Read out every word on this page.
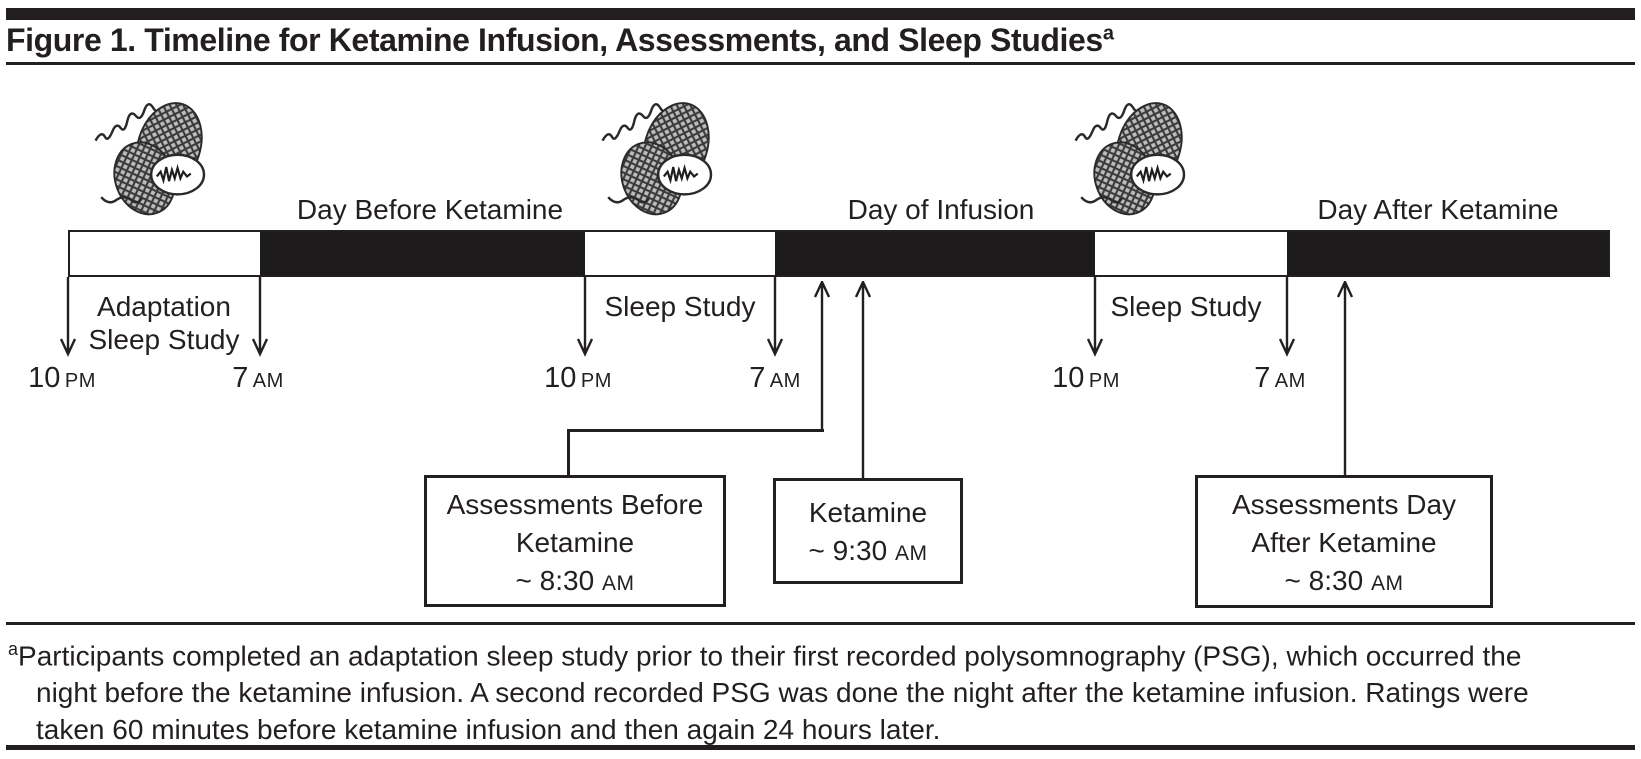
Figure 1. Timeline for Ketamine Infusion, Assessments, and Sleep Studies$^a$
Day Before Ketamine	Day of Infusion	Day After Ketamine
Adaptation
Sleep Study
Sleep Study	Sleep Study
10 PM	7 AM	10 PM	7 AM	10 PM	7 AM
Assessments Before
Ketamine
~ 8:30 AM
Ketamine
~ 9:30 AM
Assessments Day
After Ketamine
~ 8:30 AM
$^a$Participants completed an adaptation sleep study prior to their first recorded polysomnography (PSG), which occurred the
night before the ketamine infusion. A second recorded PSG was done the night after the ketamine infusion. Ratings were
taken 60 minutes before ketamine infusion and then again 24 hours later.
